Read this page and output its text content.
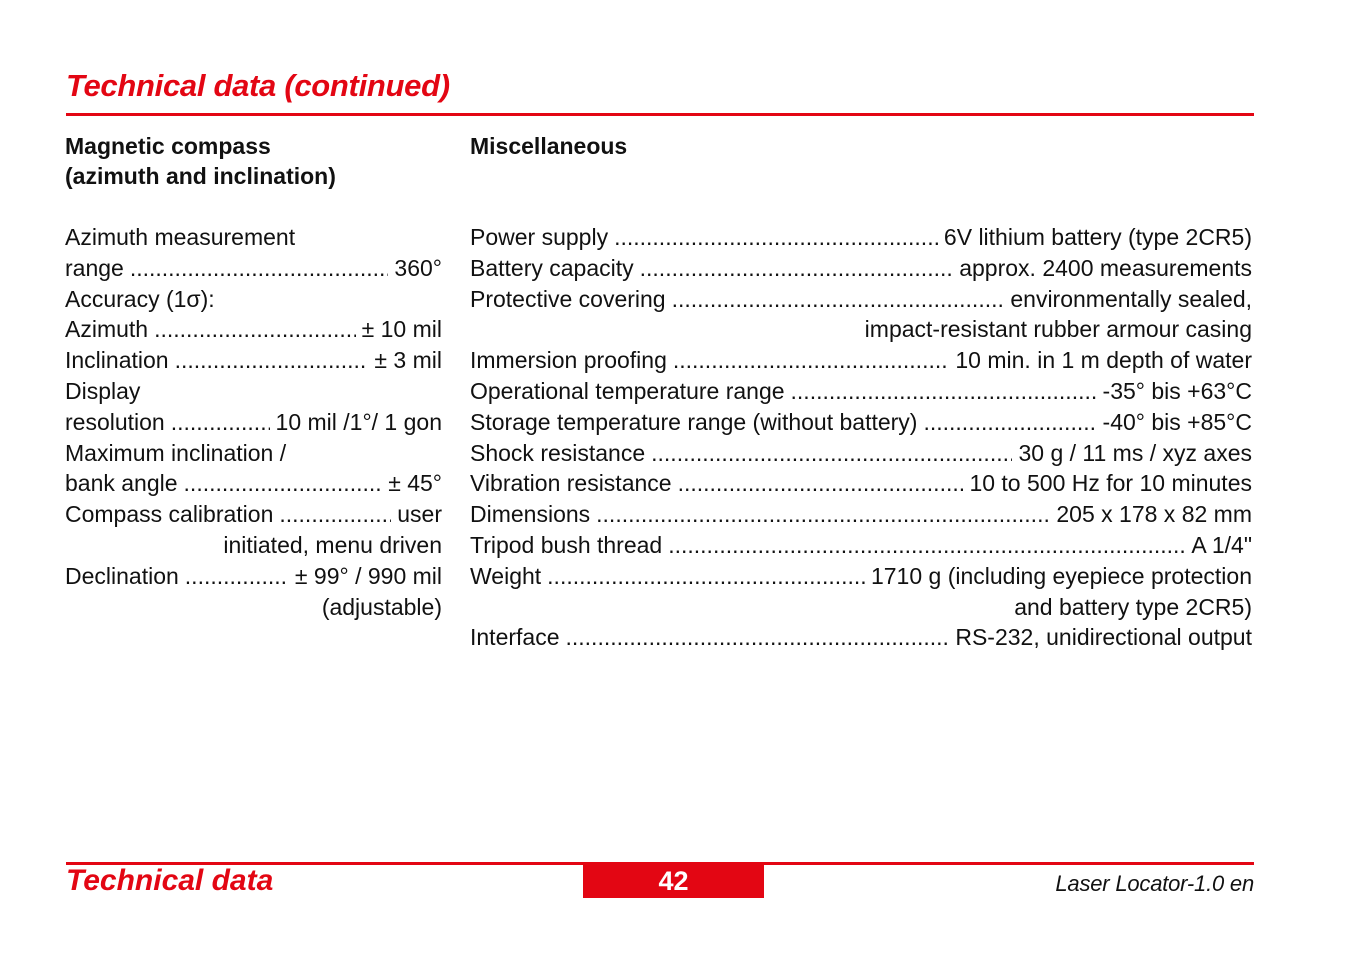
Technical data (continued)
Magnetic compass
(azimuth and inclination)
Miscellaneous
Azimuth measurement
range .....	360°
Accuracy (1σ):
Azimuth .....	± 10 mil
Inclination .....	± 3 mil
Display
resolution .....	10 mil /1°/ 1 gon
Maximum inclination /
bank angle .....	± 45°
Compass calibration .....	user
initiated, menu driven
Declination .....	± 99° / 990 mil
(adjustable)
Power supply .....	6V lithium battery (type 2CR5)
Battery capacity .....	approx. 2400 measurements
Protective covering .....	environmentally sealed,
impact-resistant rubber armour casing
Immersion proofing .....	10 min. in 1 m depth of water
Operational temperature range .....	-35° bis +63°C
Storage temperature range (without battery) .....	-40° bis +85°C
Shock resistance .....	30 g / 11 ms / xyz axes
Vibration resistance .....	10 to 500 Hz for 10 minutes
Dimensions .....	205 x 178 x 82 mm
Tripod bush thread .....	A 1/4"
Weight .....	1710 g (including eyepiece protection
and battery type 2CR5)
Interface .....	RS-232, unidirectional output
Technical data	42	Laser Locator-1.0 en
